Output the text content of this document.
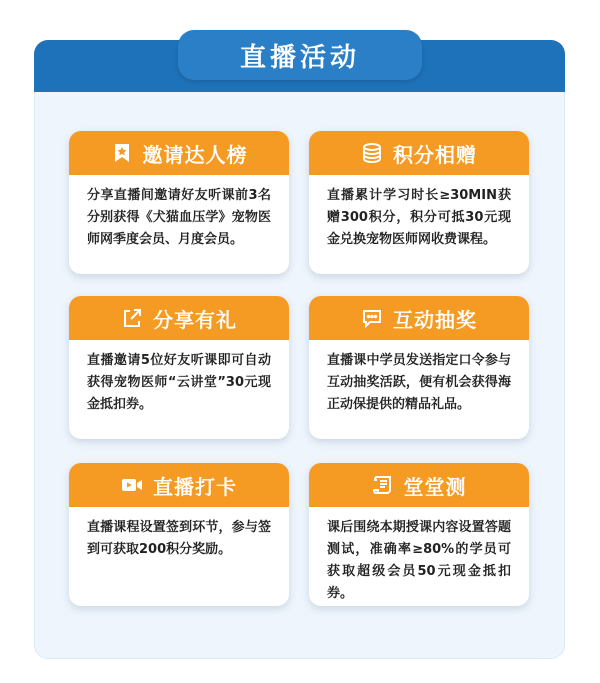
直播活动
邀请达人榜
分享直播间邀请好友听课前3名分别获得《犬猫血压学》宠物医师网季度会员、月度会员。
积分相赠
直播累计学习时长≥30MIN获赠300积分，积分可抵30元现金兑换宠物医师网收费课程。
分享有礼
直播邀请5位好友听课即可自动获得宠物医师“云讲堂”30元现金抵扣券。
互动抽奖
直播课中学员发送指定口令参与互动抽奖活跃，便有机会获得海正动保提供的精品礼品。
直播打卡
直播课程设置签到环节，参与签到可获取200积分奖励。
堂堂测
课后围绕本期授课内容设置答题测试，准确率≥80%的学员可获取超级会员50元现金抵扣券。
